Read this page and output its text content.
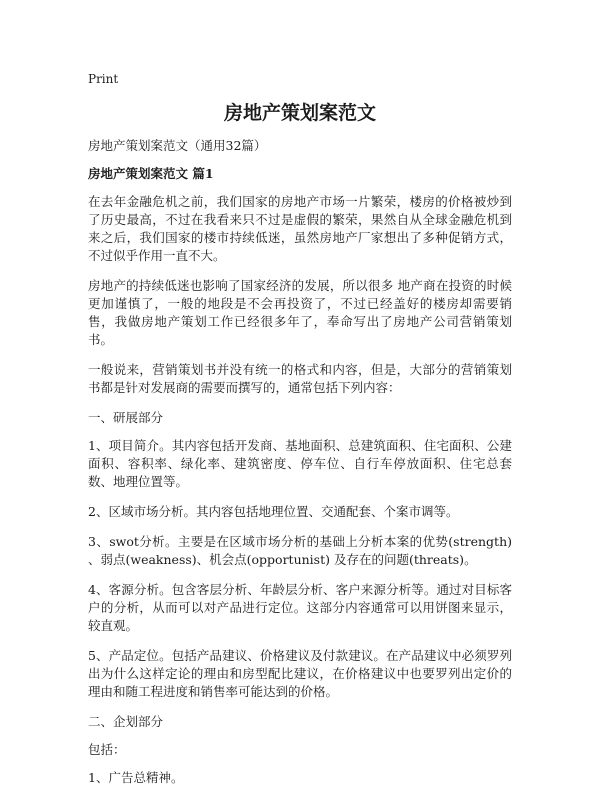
Print
房地产策划案范文
房地产策划案范文（通用32篇）
房地产策划案范文 篇1

在去年金融危机之前，我们国家的房地产市场一片繁荣，楼房的价格被炒到了历史最高，不过在我看来只不过是虚假的繁荣，果然自从全球金融危机到来之后，我们国家的楼市持续低迷，虽然房地产厂家想出了多种促销方式，不过似乎作用一直不大。

房地产的持续低迷也影响了国家经济的发展，所以很多 地产商在投资的时候更加谨慎了，一般的地段是不会再投资了，不过已经盖好的楼房却需要销售，我做房地产策划工作已经很多年了，奉命写出了房地产公司营销策划书。

一般说来，营销策划书并没有统一的格式和内容，但是，大部分的营销策划书都是针对发展商的需要而撰写的，通常包括下列内容：

一、研展部分

1、项目简介。其内容包括开发商、基地面积、总建筑面积、住宅面积、公建面积、容积率、绿化率、建筑密度、停车位、自行车停放面积、住宅总套数、地理位置等。

2、区域市场分析。其内容包括地理位置、交通配套、个案市调等。

3、swot分析。主要是在区域市场分析的基础上分析本案的优势(strength) 、弱点(weakness)、机会点(opportunist) 及存在的问题(threats)。

4、客源分析。包含客层分析、年龄层分析、客户来源分析等。通过对目标客户的分析，从而可以对产品进行定位。这部分内容通常可以用饼图来显示，较直观。

5、产品定位。包括产品建议、价格建议及付款建议。在产品建议中必须罗列出为什么这样定论的理由和房型配比建议，在价格建议中也要罗列出定价的理由和随工程进度和销售率可能达到的价格。

二、企划部分

包括：

1、广告总精神。
